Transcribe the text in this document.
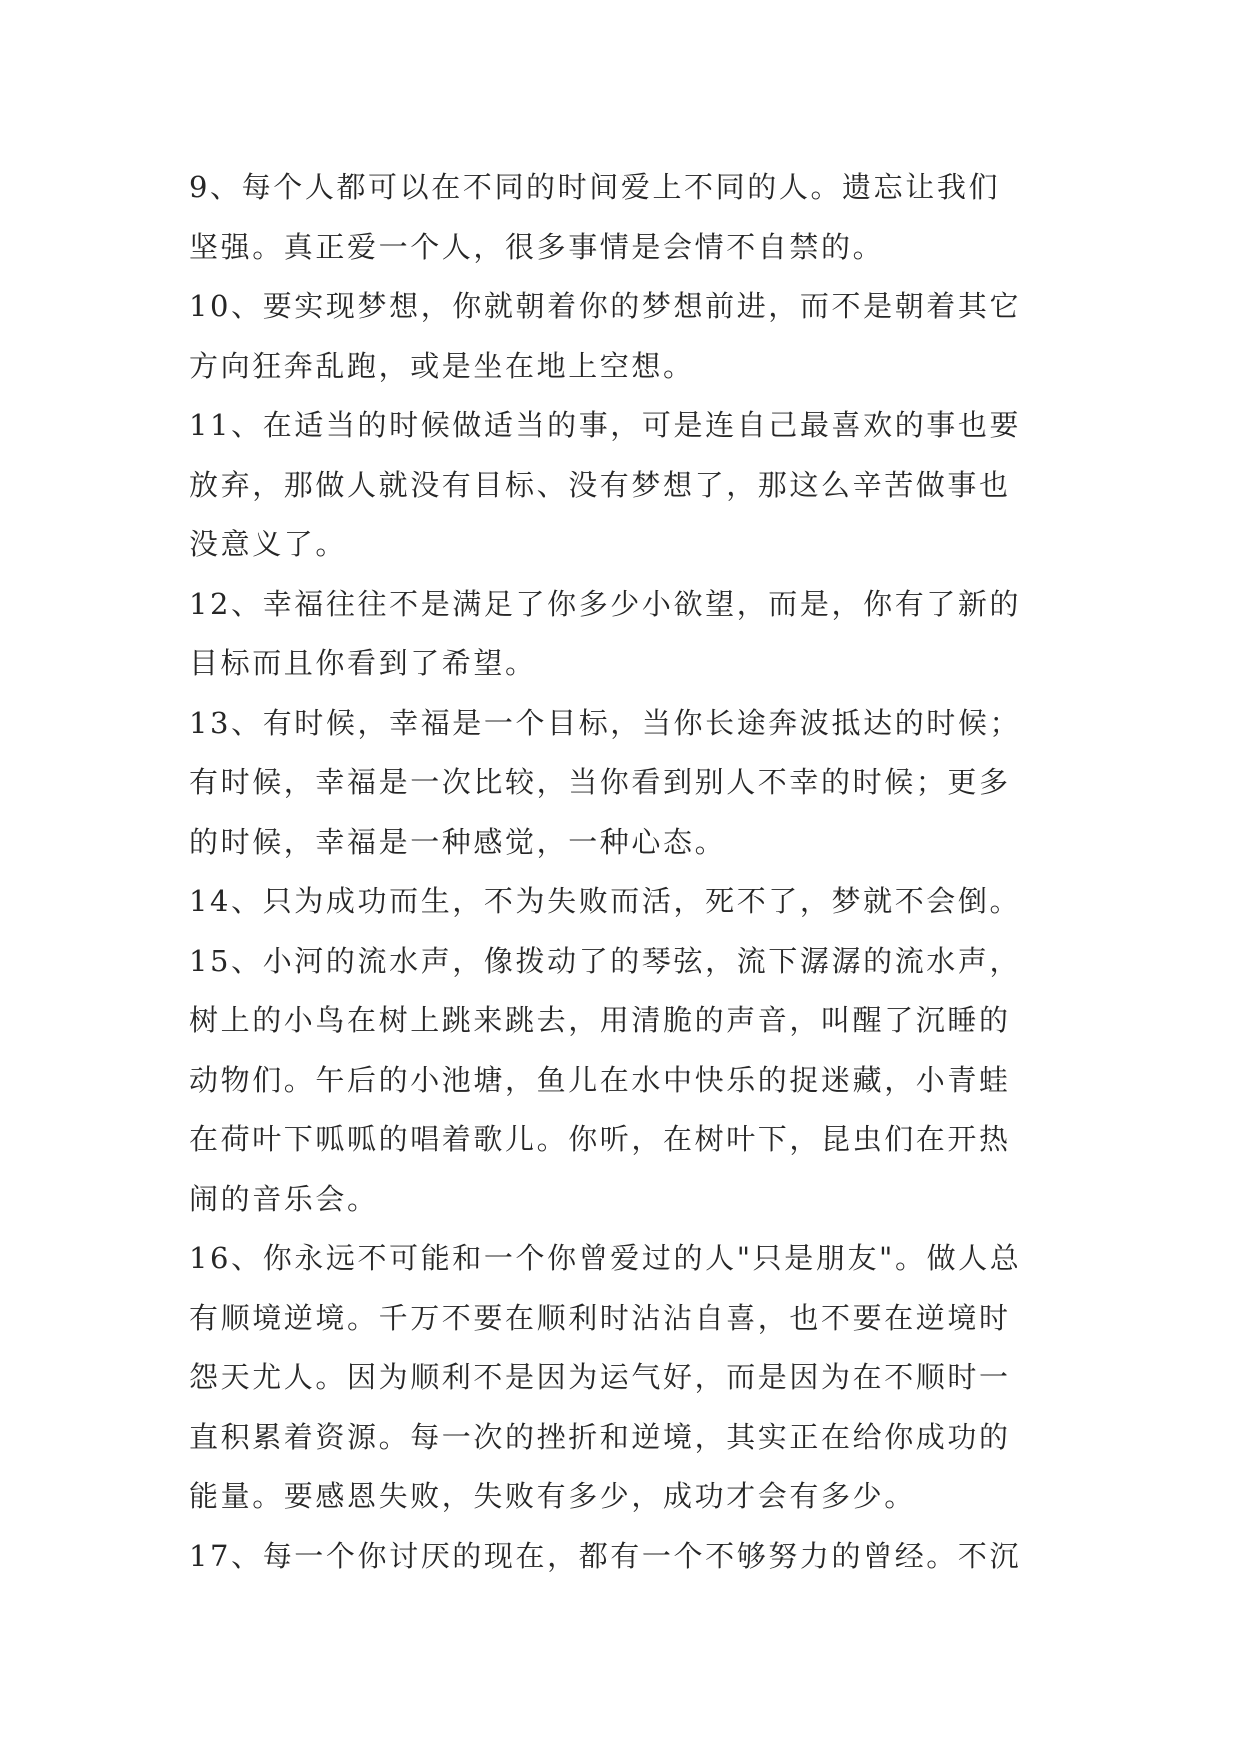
9、每个人都可以在不同的时间爱上不同的人。遗忘让我们
坚强。真正爱一个人，很多事情是会情不自禁的。
10、要实现梦想，你就朝着你的梦想前进，而不是朝着其它
方向狂奔乱跑，或是坐在地上空想。
11、在适当的时候做适当的事，可是连自己最喜欢的事也要
放弃，那做人就没有目标、没有梦想了，那这么辛苦做事也
没意义了。
12、幸福往往不是满足了你多少小欲望，而是，你有了新的
目标而且你看到了希望。
13、有时候，幸福是一个目标，当你长途奔波抵达的时候；
有时候，幸福是一次比较，当你看到别人不幸的时候；更多
的时候，幸福是一种感觉，一种心态。
14、只为成功而生，不为失败而活，死不了，梦就不会倒。
15、小河的流水声，像拨动了的琴弦，流下潺潺的流水声，
树上的小鸟在树上跳来跳去，用清脆的声音，叫醒了沉睡的
动物们。午后的小池塘，鱼儿在水中快乐的捉迷藏，小青蛙
在荷叶下呱呱的唱着歌儿。你听，在树叶下，昆虫们在开热
闹的音乐会。
16、你永远不可能和一个你曾爱过的人"只是朋友"。做人总
有顺境逆境。千万不要在顺利时沾沾自喜，也不要在逆境时
怨天尤人。因为顺利不是因为运气好，而是因为在不顺时一
直积累着资源。每一次的挫折和逆境，其实正在给你成功的
能量。要感恩失败，失败有多少，成功才会有多少。
17、每一个你讨厌的现在，都有一个不够努力的曾经。不沉
